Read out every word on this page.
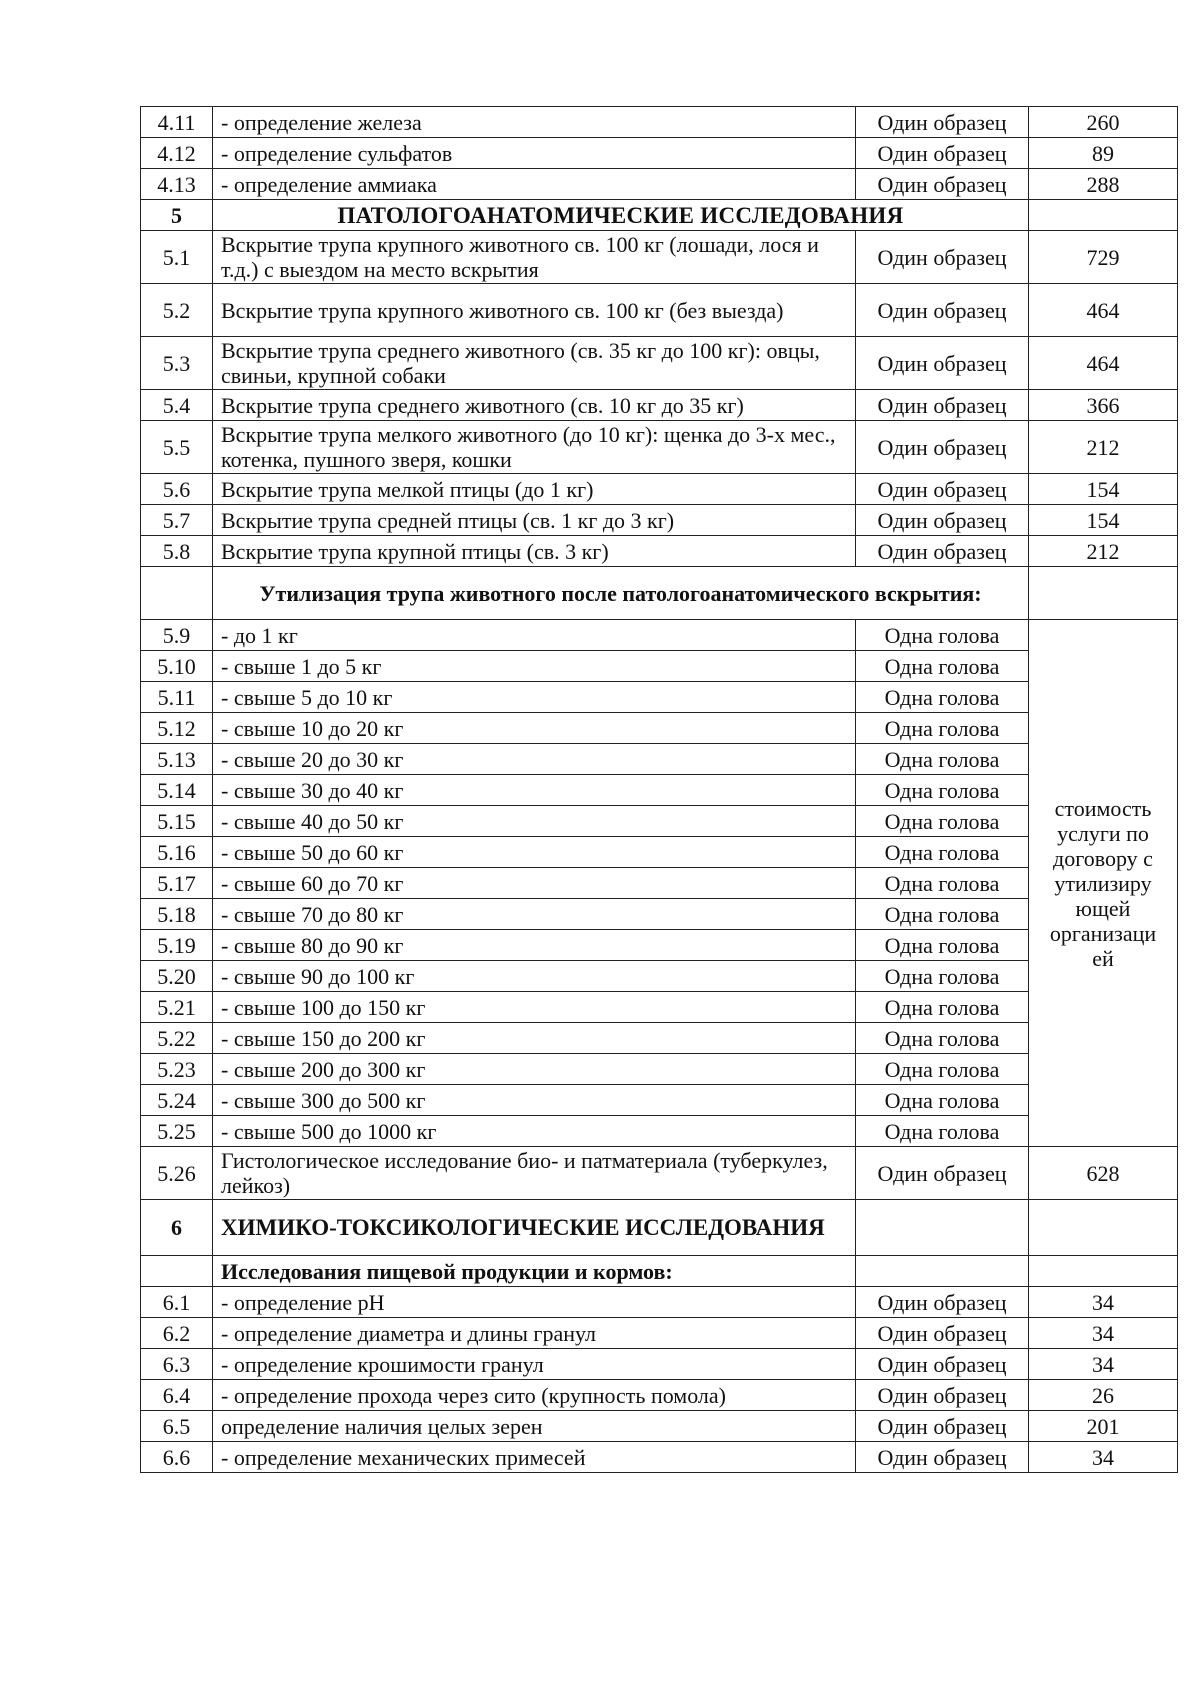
4.11	- определение железа	Один образец	260
4.12	- определение сульфатов	Один образец	89
4.13	- определение аммиака	Один образец	288
5	ПАТОЛОГОАНАТОМИЧЕСКИЕ ИССЛЕДОВАНИЯ		
5.1	Вскрытие трупа крупного животного св. 100 кг (лошади, лося и т.д.) с выездом на место вскрытия	Один образец	729
5.2	Вскрытие трупа крупного животного св. 100 кг (без выезда)	Один образец	464
5.3	Вскрытие трупа среднего животного (св. 35 кг до 100 кг): овцы, свиньи, крупной собаки	Один образец	464
5.4	Вскрытие трупа среднего животного (св. 10 кг до 35 кг)	Один образец	366
5.5	Вскрытие трупа мелкого животного (до 10 кг): щенка до 3-х мес., котенка, пушного зверя, кошки	Один образец	212
5.6	Вскрытие трупа мелкой птицы (до 1 кг)	Один образец	154
5.7	Вскрытие трупа средней птицы (св. 1 кг до 3 кг)	Один образец	154
5.8	Вскрытие трупа крупной птицы (св. 3 кг)	Один образец	212
	Утилизация трупа животного после патологоанатомического вскрытия:		
5.9	- до 1 кг	Одна голова	стоимость услуги по договору с утилизиру ющей организаци ей
5.10	- свыше 1 до 5 кг	Одна голова	
5.11	- свыше 5 до 10 кг	Одна голова	
5.12	- свыше 10 до 20 кг	Одна голова	
5.13	- свыше 20 до 30 кг	Одна голова	
5.14	- свыше 30 до 40 кг	Одна голова	
5.15	- свыше 40 до 50 кг	Одна голова	
5.16	- свыше 50 до 60 кг	Одна голова	
5.17	- свыше 60 до 70 кг	Одна голова	
5.18	- свыше 70 до 80 кг	Одна голова	
5.19	- свыше 80 до 90 кг	Одна голова	
5.20	- свыше 90 до 100 кг	Одна голова	
5.21	- свыше 100 до 150 кг	Одна голова	
5.22	- свыше 150 до 200 кг	Одна голова	
5.23	- свыше 200 до 300 кг	Одна голова	
5.24	- свыше 300 до 500 кг	Одна голова	
5.25	- свыше 500 до 1000 кг	Одна голова	
5.26	Гистологическое исследование био- и патматериала (туберкулез, лейкоз)	Один образец	628
6	ХИМИКО-ТОКСИКОЛОГИЧЕСКИЕ ИССЛЕДОВАНИЯ		
	Исследования пищевой продукции и кормов:		
6.1	- определение рН	Один образец	34
6.2	- определение диаметра и длины гранул	Один образец	34
6.3	- определение крошимости гранул	Один образец	34
6.4	- определение прохода через сито (крупность помола)	Один образец	26
6.5	определение наличия целых зерен	Один образец	201
6.6	- определение механических примесей	Один образец	34
